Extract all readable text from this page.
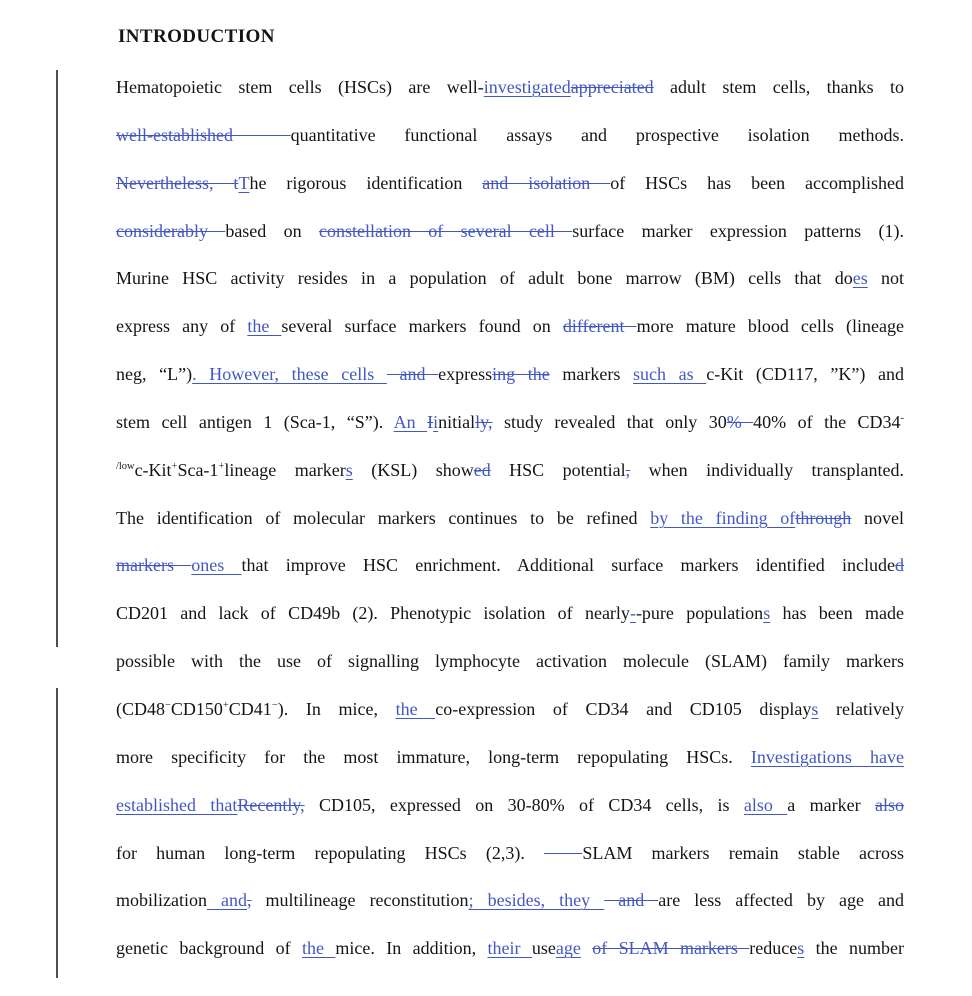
INTRODUCTION
Hematopoietic stem cells (HSCs) are well-investigatedappreciated adult stem cells, thanks to
well-established  quantitative functional assays and prospective isolation methods.
Nevertheless, tThe rigorous identification and isolation of HSCs has been accomplished
considerably based on constellation of several cell surface marker expression patterns (1).
Murine HSC activity resides in a population of adult bone marrow (BM) cells that does not
express any of the several surface markers found on different more mature blood cells (lineage
neg, “L”). However, these cells  and expressing the markers such as c-Kit (CD117, ”K”) and
stem cell antigen 1 (Sca-1, “S”). An Iinitially, study revealed that only 30% 40% of the CD34-
$^{/low}$c-Kit+Sca-1+lineage markers (KSL) showed HSC potential, when individually transplanted.
The identification of molecular markers continues to be refined by the finding ofthrough novel
markers ones that improve HSC enrichment. Additional surface markers identified included
CD201 and lack of CD49b (2). Phenotypic isolation of nearly--pure populations has been made
possible with the use of signalling lymphocyte activation molecule (SLAM) family markers
(CD48−CD150+CD41−). In mice, the co-expression of CD34 and CD105 displays relatively
more specificity for the most immature, long-term repopulating HSCs. Investigations have
established thatRecently, CD105, expressed on 30-80% of CD34 cells, is also a marker also
for human long-term repopulating HSCs (2,3).   SLAM markers remain stable across
mobilization and, multilineage reconstitution; besides, they  and are less affected by age and
genetic background of the mice. In addition, their useage of SLAM markers reduces the number
